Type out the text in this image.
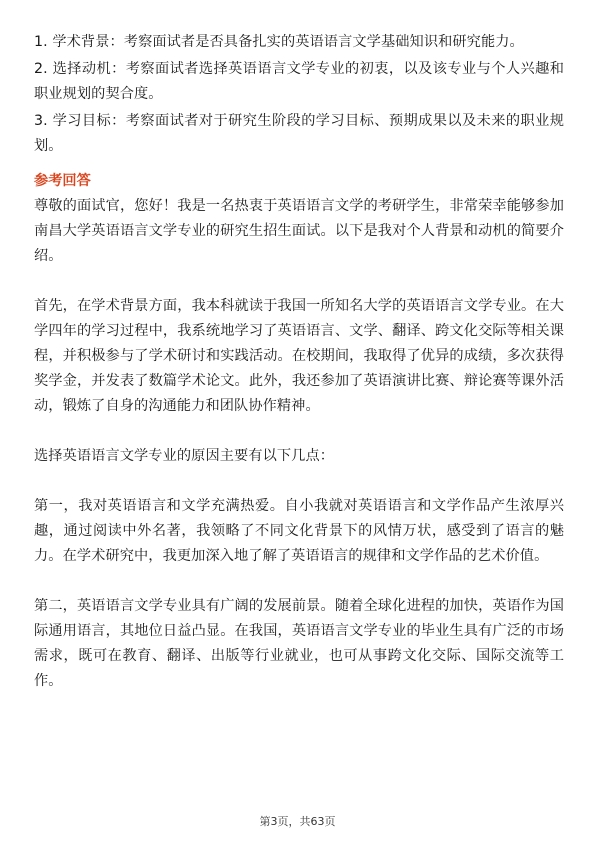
1. 学术背景：考察面试者是否具备扎实的英语语言文学基础知识和研究能力。

2. 选择动机：考察面试者选择英语语言文学专业的初衷，以及该专业与个人兴趣和职业规划的契合度。

3. 学习目标：考察面试者对于研究生阶段的学习目标、预期成果以及未来的职业规划。

参考回答

尊敬的面试官，您好！我是一名热衷于英语语言文学的考研学生，非常荣幸能够参加南昌大学英语语言文学专业的研究生招生面试。以下是我对个人背景和动机的简要介绍。

首先，在学术背景方面，我本科就读于我国一所知名大学的英语语言文学专业。在大学四年的学习过程中，我系统地学习了英语语言、文学、翻译、跨文化交际等相关课程，并积极参与了学术研讨和实践活动。在校期间，我取得了优异的成绩，多次获得奖学金，并发表了数篇学术论文。此外，我还参加了英语演讲比赛、辩论赛等课外活动，锻炼了自身的沟通能力和团队协作精神。

选择英语语言文学专业的原因主要有以下几点：

第一，我对英语语言和文学充满热爱。自小我就对英语语言和文学作品产生浓厚兴趣，通过阅读中外名著，我领略了不同文化背景下的风情万状，感受到了语言的魅力。在学术研究中，我更加深入地了解了英语语言的规律和文学作品的艺术价值。

第二，英语语言文学专业具有广阔的发展前景。随着全球化进程的加快，英语作为国际通用语言，其地位日益凸显。在我国，英语语言文学专业的毕业生具有广泛的市场需求，既可在教育、翻译、出版等行业就业，也可从事跨文化交际、国际交流等工作。

第3页，共63页
